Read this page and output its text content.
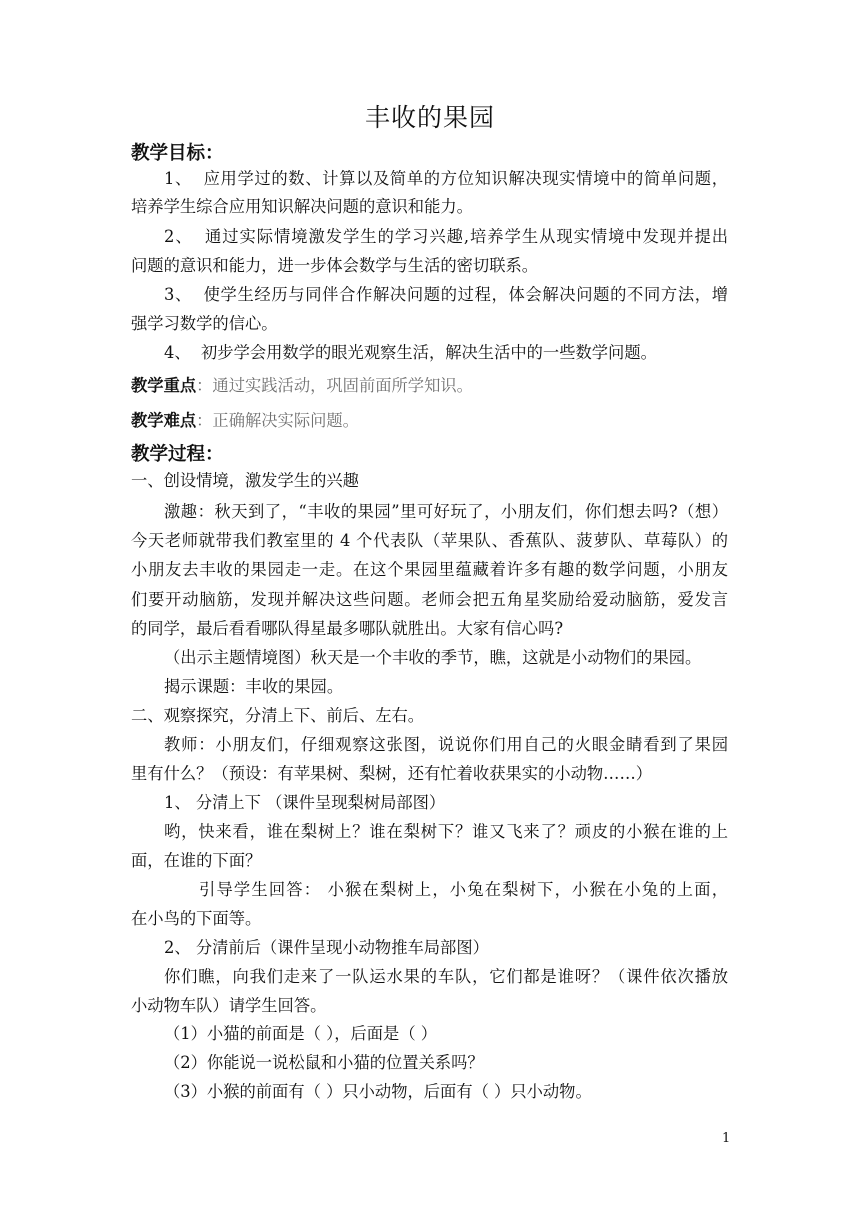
丰收的果园
教学目标：
1、 应用学过的数、计算以及简单的方位知识解决现实情境中的简单问题，
培养学生综合应用知识解决问题的意识和能力。
2、 通过实际情境激发学生的学习兴趣,培养学生从现实情境中发现并提出
问题的意识和能力，进一步体会数学与生活的密切联系。
3、 使学生经历与同伴合作解决问题的过程，体会解决问题的不同方法，增
强学习数学的信心。
4、 初步学会用数学的眼光观察生活，解决生活中的一些数学问题。
教学重点：通过实践活动，巩固前面所学知识。
教学难点：正确解决实际问题。
教学过程：
一、创设情境，激发学生的兴趣
激趣：秋天到了，“丰收的果园”里可好玩了，小朋友们，你们想去吗?（想）
今天老师就带我们教室里的 4 个代表队（苹果队、香蕉队、菠萝队、草莓队）的
小朋友去丰收的果园走一走。在这个果园里蕴藏着许多有趣的数学问题，小朋友
们要开动脑筋，发现并解决这些问题。老师会把五角星奖励给爱动脑筋，爱发言
的同学，最后看看哪队得星最多哪队就胜出。大家有信心吗?
（出示主题情境图）秋天是一个丰收的季节，瞧，这就是小动物们的果园。
揭示课题：丰收的果园。
二、观察探究，分清上下、前后、左右。
教师：小朋友们，仔细观察这张图，说说你们用自己的火眼金睛看到了果园
里有什么？（预设：有苹果树、梨树，还有忙着收获果实的小动物……）
1、 分清上下 （课件呈现梨树局部图）
哟，快来看，谁在梨树上？谁在梨树下？谁又飞来了？顽皮的小猴在谁的上
面，在谁的下面？
引导学生回答： 小猴在梨树上，小兔在梨树下，小猴在小兔的上面，
在小鸟的下面等。
2、 分清前后（课件呈现小动物推车局部图）
你们瞧，向我们走来了一队运水果的车队，它们都是谁呀？（课件依次播放
小动物车队）请学生回答。
（1）小猫的前面是（ ），后面是（ ）
（2）你能说一说松鼠和小猫的位置关系吗？
（3）小猴的前面有（ ）只小动物，后面有（ ）只小动物。
1
